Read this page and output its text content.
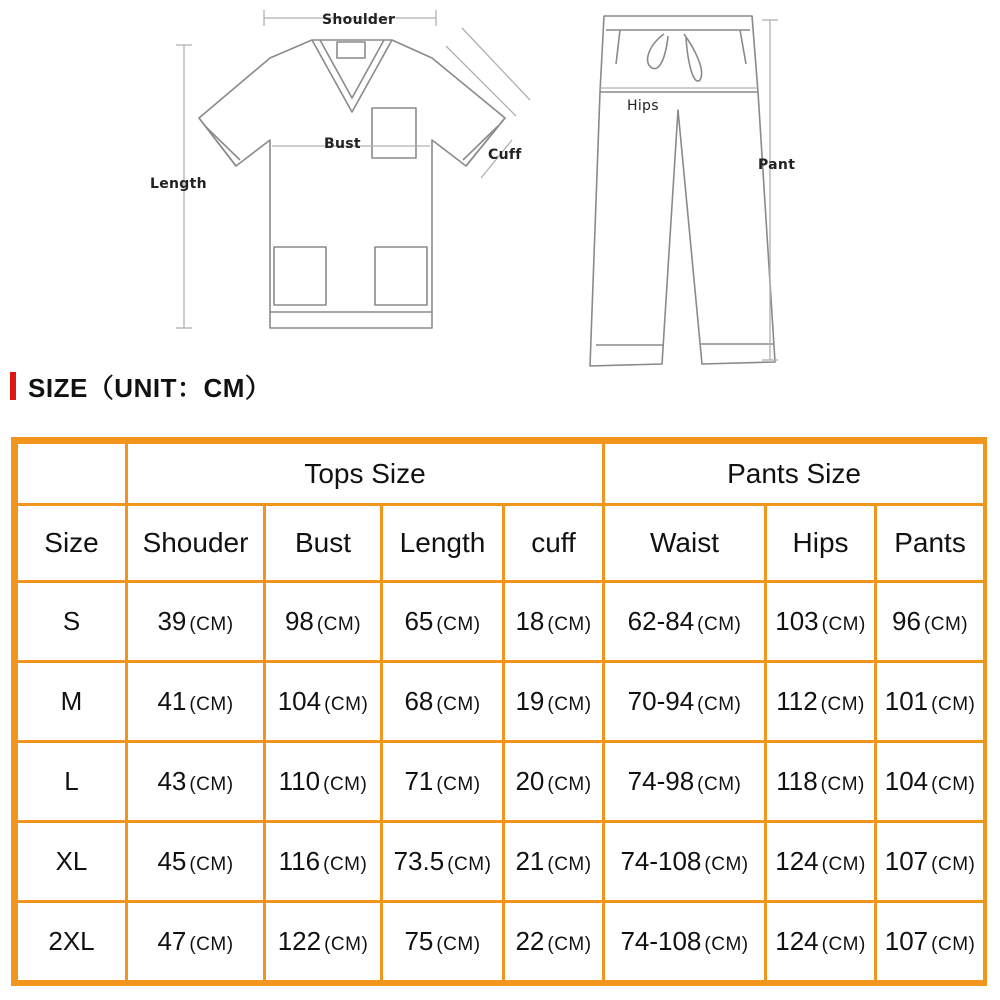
Shoulder
Bust
Length
Cuff
Hips
Pant
SIZE（UNIT：CM）
	Tops Size				Pants Size		
Size	Shouder	Bust	Length	cuff	Waist	Hips	Pants
S	39 (CM)	98 (CM)	65 (CM)	18 (CM)	62-84 (CM)	103 (CM)	96 (CM)
M	41 (CM)	104 (CM)	68 (CM)	19 (CM)	70-94 (CM)	112 (CM)	101 (CM)
L	43 (CM)	110 (CM)	71 (CM)	20 (CM)	74-98 (CM)	118 (CM)	104 (CM)
XL	45 (CM)	116 (CM)	73.5 (CM)	21 (CM)	74-108 (CM)	124 (CM)	107 (CM)
2XL	47 (CM)	122 (CM)	75 (CM)	22 (CM)	74-108 (CM)	124 (CM)	107 (CM)
